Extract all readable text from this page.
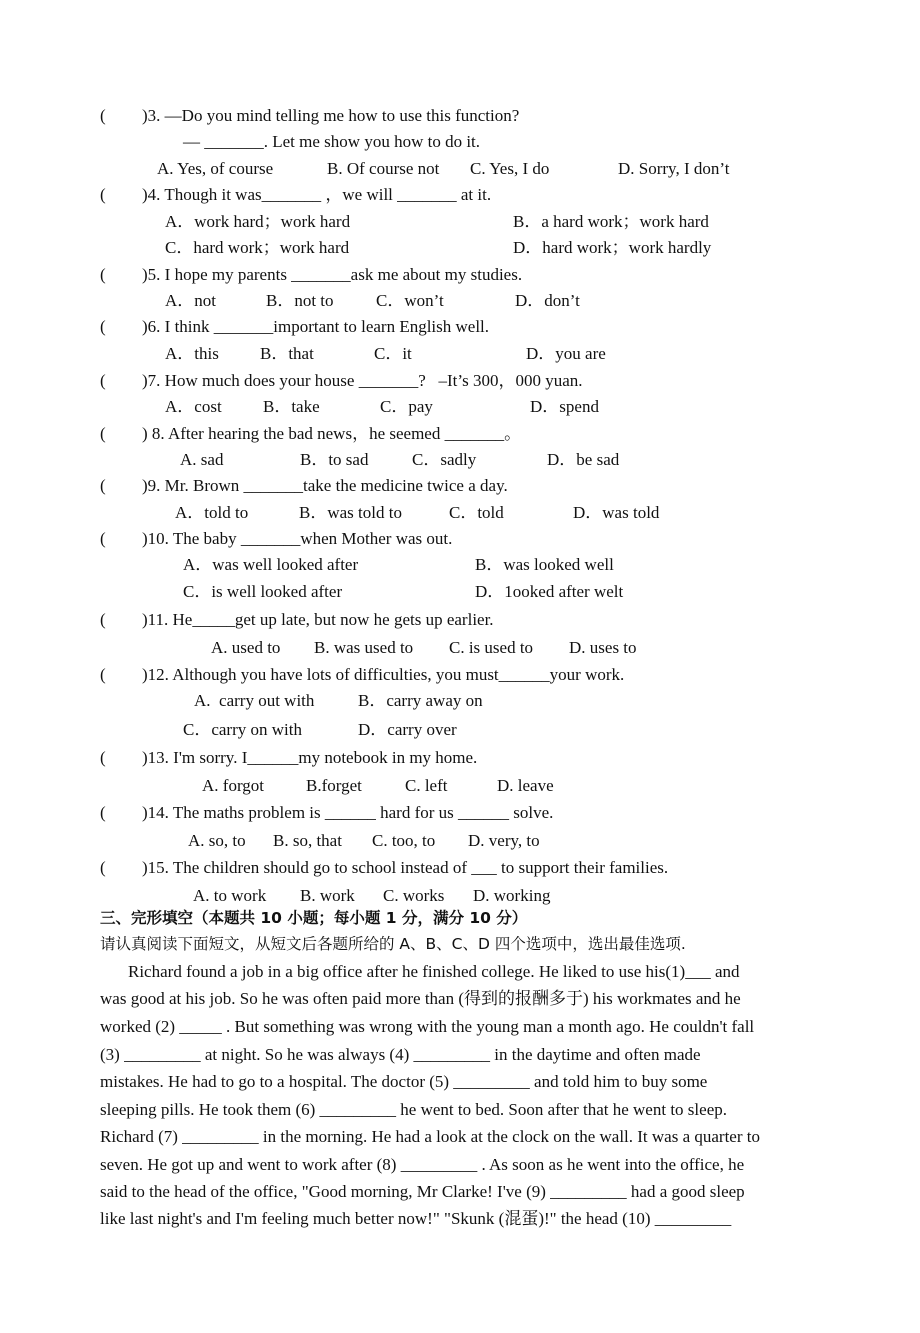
( )3. —Do you mind telling me how to use this function?
— _______. Let me show you how to do it.
A. Yes, of course	B. Of course not C. Yes, I do	D. Sorry, I don’t
( )4. Though it was_______ ，we will _______ at it.
A．work hard；work hard	B．a hard work；work hard
C．hard work；work hard	D．hard work；work hardly
( )5. I hope my parents _______ask me about my studies.
A．not	B．not to C．won’t	D．don’t
( )6. I think _______important to learn English well.
A．this B．that	C．it	D．you are
( )7. How much does your house _______?   –It’s 300，000 yuan.
A．cost B．take	C．pay	D．spend
( ) 8. After hearing the bad news，he seemed _______。
A. sad	B．to sad	C．sadly	D．be sad
( )9. Mr. Brown _______take the medicine twice a day.
A．told to	B．was told to	C．told	D．was told
( )10. The baby _______when Mother was out.
A．was well looked after	B．was looked well
C．is well looked after	D．1ooked after welt
( )11. He_____get up late, but now he gets up earlier.
A. used to B. was used to C. is used to D. uses to
( )12. Although you have lots of difficulties, you must______your work.
A.  carry out with	B．carry away on
C．carry on with	D．carry over
( )13. I'm sorry. I______my notebook in my home.
A. forgot B.forget	C. left	D. leave
( )14. The maths problem is ______ hard for us ______ solve.
A. so, to B. so, that C. too, to D. very, to
( )15. The children should go to school instead of ___ to support their families.
A. to work B. work C. works D. working
三、完形填空（本题共 10 小题；每小题 1 分，满分 10 分）
请认真阅读下面短文，从短文后各题所给的 A、B、C、D 四个选项中，选出最佳选项.
Richard found a job in a big office after he finished college. He liked to use his(1)___ and
was good at his job. So he was often paid more than (得到的报酬多于) his workmates and he
worked (2) _____ . But something was wrong with the young man a month ago. He couldn't fall
(3) _________ at night. So he was always (4) _________ in the daytime and often made
mistakes. He had to go to a hospital. The doctor (5) _________ and told him to buy some
sleeping pills. He took them (6) _________ he went to bed. Soon after that he went to sleep.
Richard (7) _________ in the morning. He had a look at the clock on the wall. It was a quarter to
seven. He got up and went to work after (8) _________ . As soon as he went into the office, he
said to the head of the office, "Good morning, Mr Clarke! I've (9) _________ had a good sleep
like last night's and I'm feeling much better now!" "Skunk (混蛋)!" the head (10) _________
